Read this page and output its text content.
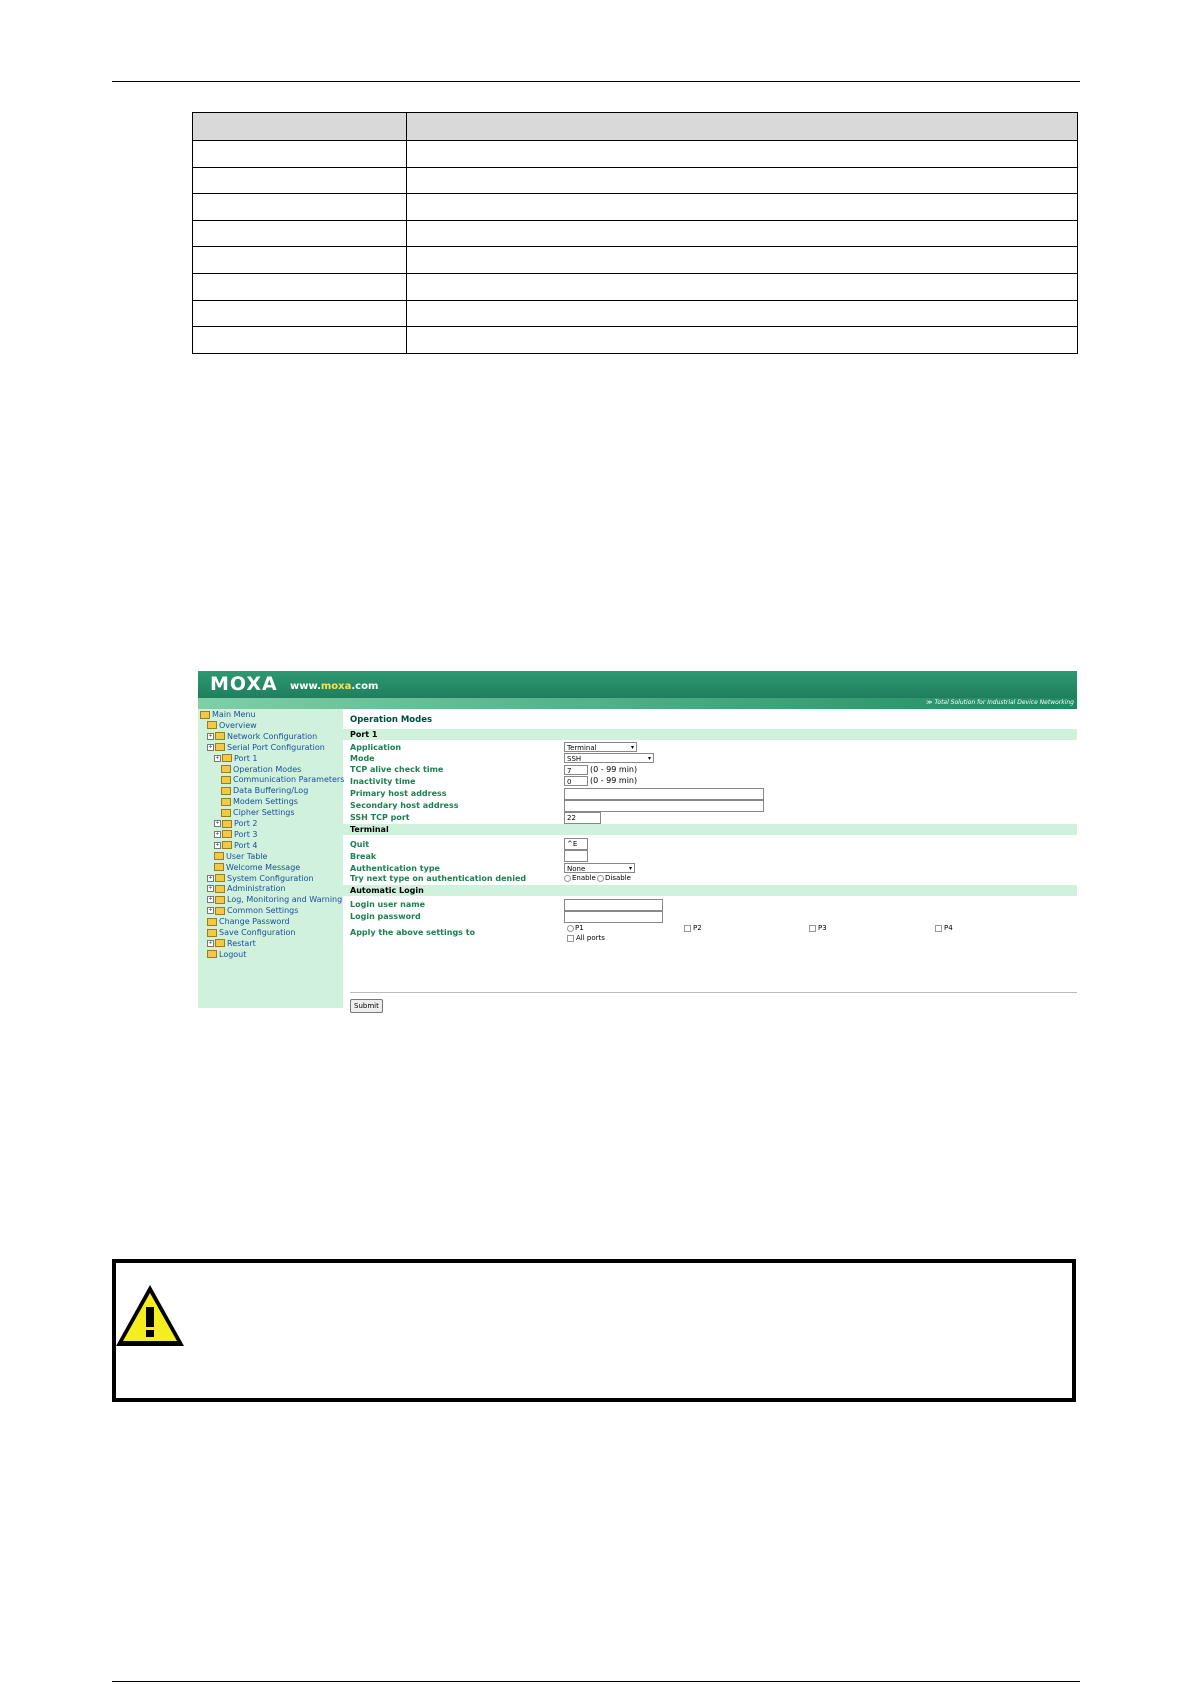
MOXA www.moxa.com
≫ Total Solution for Industrial Device Networking
Main Menu
Overview
+ Network Configuration
+ Serial Port Configuration
+ Port 1
Operation Modes
Communication Parameters
Data Buffering/Log
Modem Settings
Cipher Settings
+ Port 2
+ Port 3
+ Port 4
User Table
Welcome Message
+ System Configuration
+ Administration
+ Log, Monitoring and Warning
+ Common Settings
Change Password
Save Configuration
+ Restart
Logout
Operation Modes
Port 1
Application	Terminal ▾
Mode	SSH ▾
TCP alive check time	7	(0 - 99 min)
Inactivity time	0	(0 - 99 min)
Primary host address
Secondary host address
SSH TCP port	22
Terminal
Quit	^E
Break
Authentication type	None ▾
Try next type on authentication denied	Enable	Disable
Automatic Login
Login user name
Login password
Apply the above settings to	P1	P2	P3	P4
All ports
Submit
